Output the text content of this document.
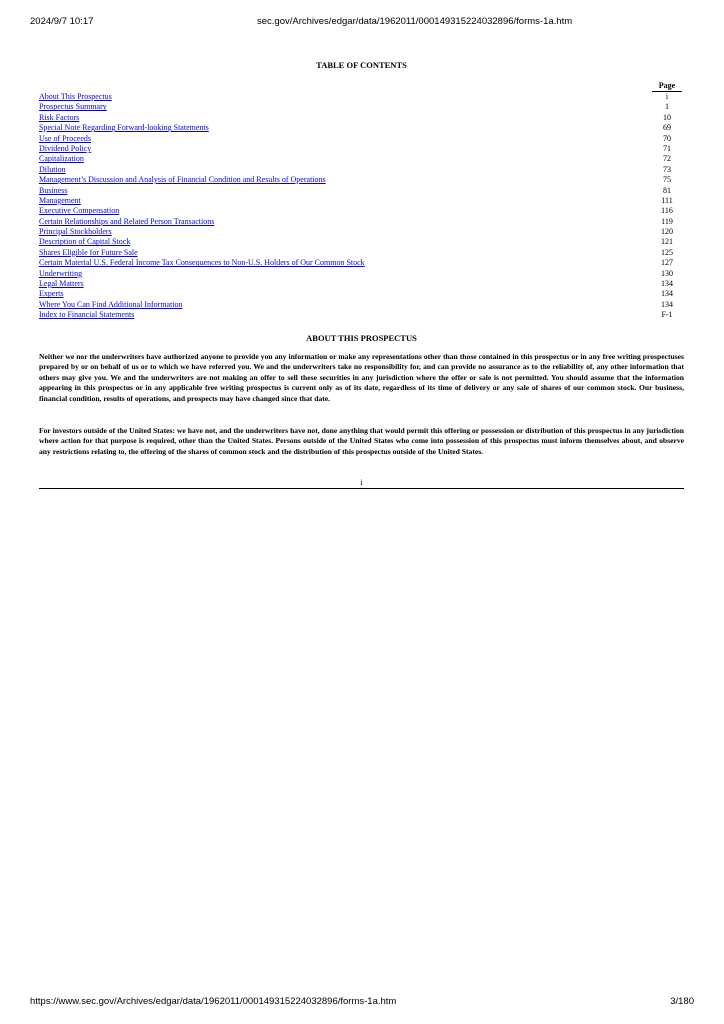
2024/9/7 10:17	sec.gov/Archives/edgar/data/1962011/000149315224032896/forms-1a.htm
TABLE OF CONTENTS
Page
About This Prospectus	i
Prospectus Summary	1
Risk Factors	10
Special Note Regarding Forward-looking Statements	69
Use of Proceeds	70
Dividend Policy	71
Capitalization	72
Dilution	73
Management’s Discussion and Analysis of Financial Condition and Results of Operations	75
Business	81
Management	111
Executive Compensation	116
Certain Relationships and Related Person Transactions	119
Principal Stockholders	120
Description of Capital Stock	121
Shares Eligible for Future Sale	125
Certain Material U.S. Federal Income Tax Consequences to Non-U.S. Holders of Our Common Stock	127
Underwriting	130
Legal Matters	134
Experts	134
Where You Can Find Additional Information	134
Index to Financial Statements	F-1
ABOUT THIS PROSPECTUS

Neither we nor the underwriters have authorized anyone to provide you any information or make any representations other than those contained in this prospectus or in any free writing prospectuses prepared by or on behalf of us or to which we have referred you. We and the underwriters take no responsibility for, and can provide no assurance as to the reliability of, any other information that others may give you. We and the underwriters are not making an offer to sell these securities in any jurisdiction where the offer or sale is not permitted. You should assume that the information appearing in this prospectus or in any applicable free writing prospectus is current only as of its date, regardless of its time of delivery or any sale of shares of our common stock. Our business, financial condition, results of operations, and prospects may have changed since that date.

For investors outside of the United States: we have not, and the underwriters have not, done anything that would permit this offering or possession or distribution of this prospectus in any jurisdiction where action for that purpose is required, other than the United States. Persons outside of the United States who come into possession of this prospectus must inform themselves about, and observe any restrictions relating to, the offering of the shares of common stock and the distribution of this prospectus outside of the United States.

i
https://www.sec.gov/Archives/edgar/data/1962011/000149315224032896/forms-1a.htm	3/180
